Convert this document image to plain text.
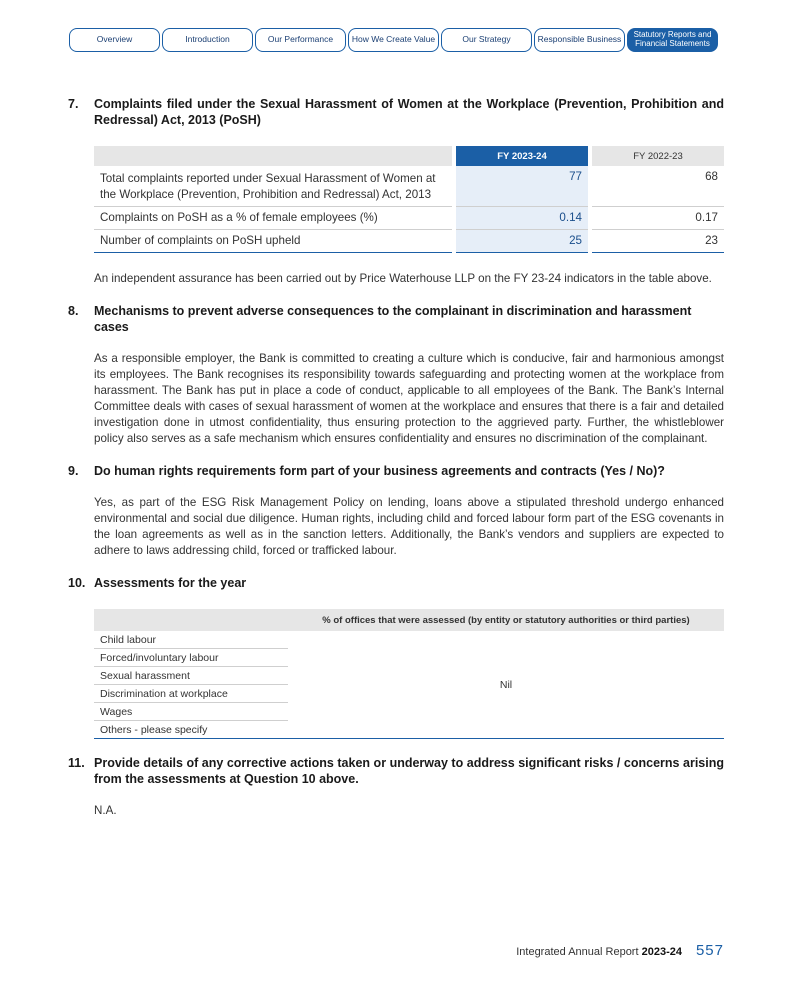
Overview	Introduction	Our Performance	How We Create Value	Our Strategy	Responsible Business	Statutory Reports and Financial Statements
7.	Complaints filed under the Sexual Harassment of Women at the Workplace (Prevention, Prohibition and Redressal) Act, 2013 (PoSH)
		FY 2023-24		FY 2022-23
Total complaints reported under Sexual Harassment of Women at the Workplace (Prevention, Prohibition and Redressal) Act, 2013		77		68
Complaints on PoSH as a % of female employees (%)		0.14		0.17
Number of complaints on PoSH upheld		25		23

An independent assurance has been carried out by Price Waterhouse LLP on the FY 23-24 indicators in the table above.

8.	Mechanisms to prevent adverse consequences to the complainant in discrimination and harassment cases

As a responsible employer, the Bank is committed to creating a culture which is conducive, fair and harmonious amongst its employees. The Bank recognises its responsibility towards safeguarding and protecting women at the workplace from harassment. The Bank has put in place a code of conduct, applicable to all employees of the Bank. The Bank’s Internal Committee deals with cases of sexual harassment of women at the workplace and ensures that there is a fair and detailed investigation done in utmost confidentiality, thus ensuring protection to the aggrieved party. Further, the whistleblower policy also serves as a safe mechanism which ensures confidentiality and ensures no discrimination of the complainant.

9.	Do human rights requirements form part of your business agreements and contracts (Yes / No)?

Yes, as part of the ESG Risk Management Policy on lending, loans above a stipulated threshold undergo enhanced environmental and social due diligence. Human rights, including child and forced labour form part of the ESG covenants in the loan agreements as well as in the sanction letters. Additionally, the Bank’s vendors and suppliers are expected to adhere to laws addressing child, forced or trafficked labour.

10. Assessments for the year
	% of offices that were assessed (by entity or statutory authorities or third parties)
Child labour	Nil
Forced/involuntary labour	
Sexual harassment	
Discrimination at workplace	
Wages	
Others - please specify	
11. Provide details of any corrective actions taken or underway to address significant risks / concerns arising from the assessments at Question 10 above.

N.A.

Integrated Annual Report 2023-24 557
